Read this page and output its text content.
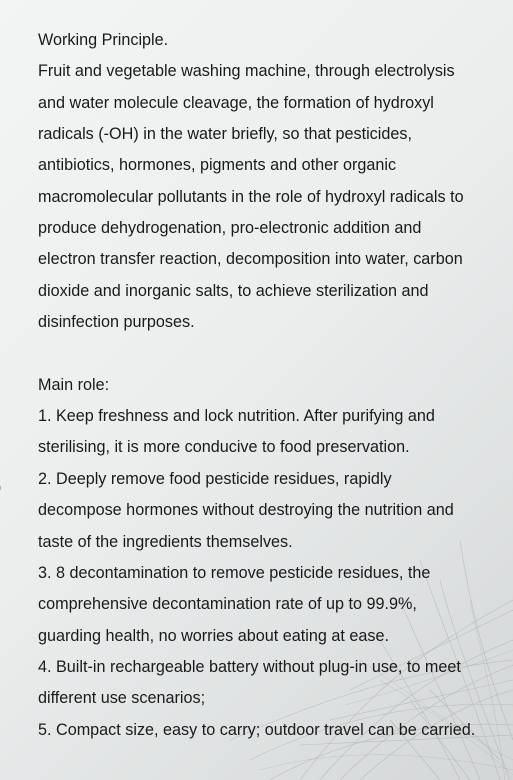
Working Principle.
Fruit and vegetable washing machine, through electrolysis
and water molecule cleavage, the formation of hydroxyl
radicals (-OH) in the water briefly, so that pesticides,
antibiotics, hormones, pigments and other organic
macromolecular pollutants in the role of hydroxyl radicals to
produce dehydrogenation, pro-electronic addition and
electron transfer reaction, decomposition into water, carbon
dioxide and inorganic salts, to achieve sterilization and
disinfection purposes.
Main role:
1. Keep freshness and lock nutrition. After purifying and
sterilising, it is more conducive to food preservation.
2. Deeply remove food pesticide residues, rapidly
decompose hormones without destroying the nutrition and
taste of the ingredients themselves.
3. 8 decontamination to remove pesticide residues, the
comprehensive decontamination rate of up to 99.9%,
guarding health, no worries about eating at ease.
4. Built-in rechargeable battery without plug-in use, to meet
different use scenarios;
5. Compact size, easy to carry; outdoor travel can be carried.
